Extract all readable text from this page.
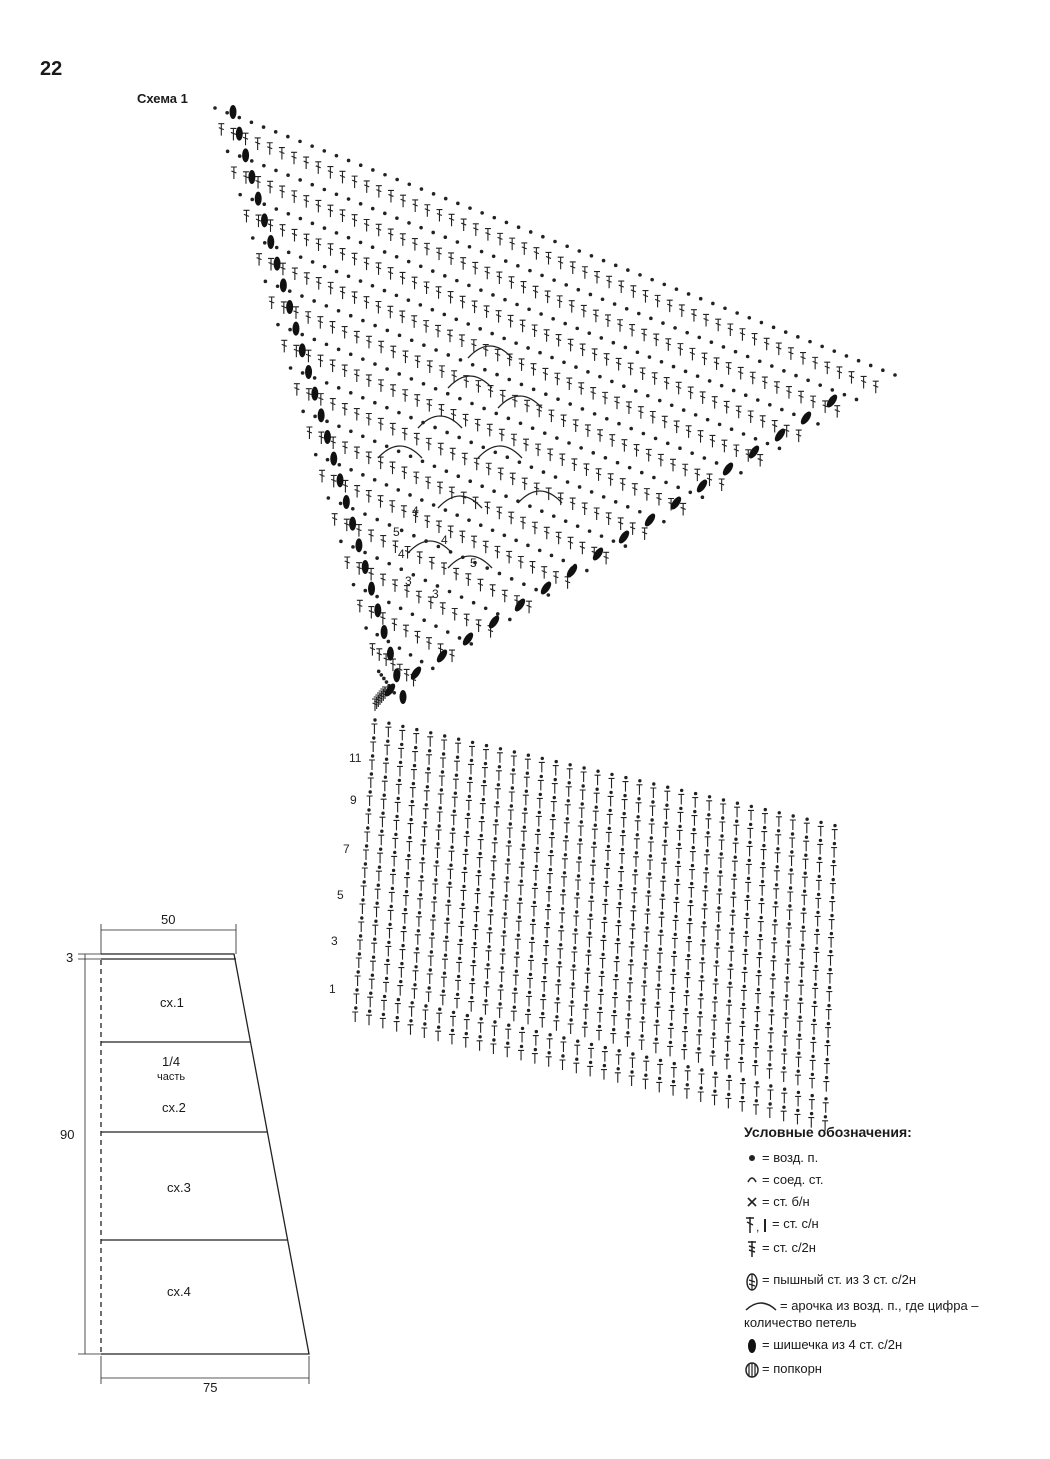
22
Схема 1
11
9
7
5
3
1
5
4
4
4
5
3
3
50
3
90
75
сх.1
1/4
часть
сх.2
сх.3
сх.4
Условные обозначения:
= возд. п.
= соед. ст.
= ст. б/н
, = ст. с/н
= ст. с/2н
= пышный ст. из 3 ст. с/2н
= арочка из возд. п., где цифра –
количество петель
= шишечка из 4 ст. с/2н
= попкорн
